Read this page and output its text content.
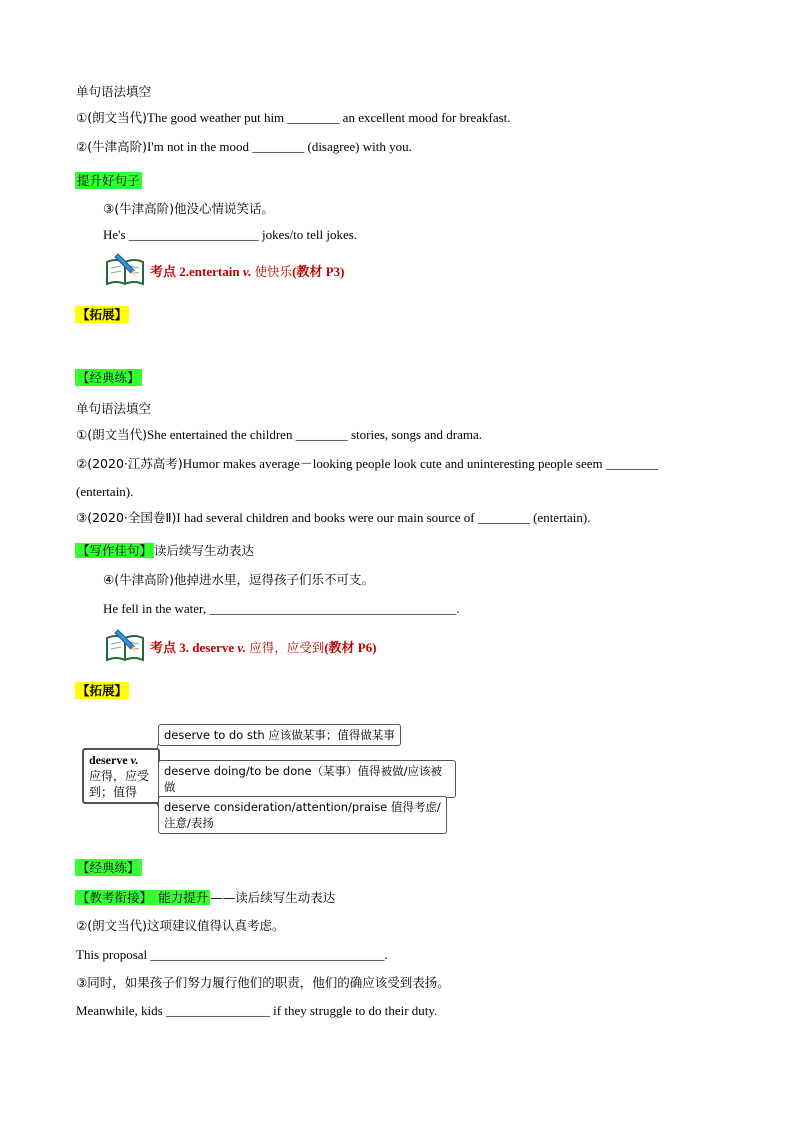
单句语法填空
①(朗文当代)The good weather put him ________ an excellent mood for breakfast.
②(牛津高阶)I'm not in the mood ________ (disagree) with you.
提升好句子
③(牛津高阶)他没心情说笑话。
He's ____________________ jokes/to tell jokes.
考点 2.entertain v. 使快乐(教材 P3)
【拓展】
【经典练】
单句语法填空
①(朗文当代)She entertained the children ________ stories, songs and drama.
②(2020·江苏高考)Humor makes average－looking people look cute and uninteresting people seem ________
(entertain).
③(2020·全国卷Ⅱ)I had several children and books were our main source of ________ (entertain).
【写作佳句】 读后续写生动表达
④(牛津高阶)他掉进水里，逗得孩子们乐不可支。
He fell in the water, ______________________________________.
考点 3. deserve v. 应得，应受到(教材 P6)
【拓展】
deserve v.
应得，应受到；值得
deserve to do sth 应该做某事；值得做某事
deserve doing/to be done（某事）值得被做/应该被做
deserve consideration/attention/praise 值得考虑/
注意/表扬
【经典练】
【教考衔接】　能力提升 ——读后续写生动表达
②(朗文当代)这项建议值得认真考虑。
This proposal ____________________________________.
③同时，如果孩子们努力履行他们的职责，他们的确应该受到表扬。
Meanwhile, kids ________________ if they struggle to do their duty.
